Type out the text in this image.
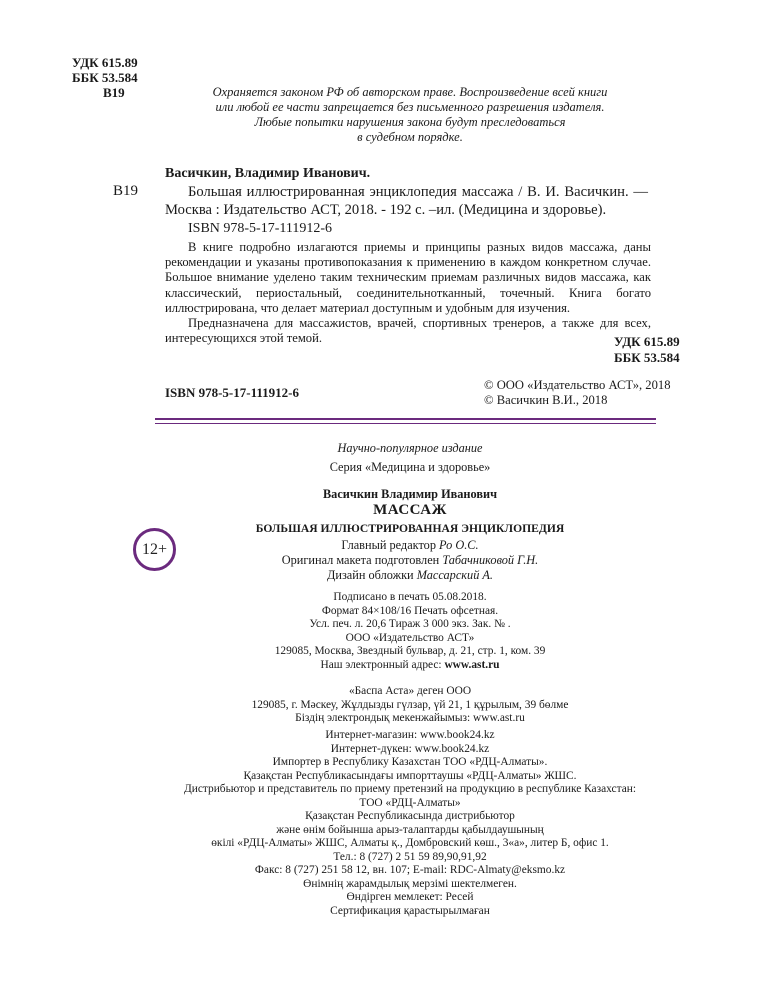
УДК 615.89
ББК 53.584
В19	Охраняется законом РФ об авторском праве. Воспроизведение всей книги
или любой ее части запрещается без письменного разрешения издателя.
Любые попытки нарушения закона будут преследоваться
в судебном порядке.
Васичкин, Владимир Иванович.
В19	Большая иллюстрированная энциклопедия массажа / В. И. Васичкин. —
Москва : Издательство АСТ, 2018. - 192 с. –ил. (Медицина и здоровье).
ISBN 978-5-17-111912-6

В книге подробно излагаются приемы и принципы разных видов массажа, даны рекомендации и указаны противопоказания к применению в каждом конкретном случае. Большое внимание уделено таким техническим приемам различных видов массажа, как классический, периостальный, соединительнотканный, точечный. Книга богато иллюстрирована, что делает материал доступным и удобным для изучения.

Предназначена для массажистов, врачей, спортивных тренеров, а также для всех, интересующихся этой темой.	УДК 615.89
ББК 53.584
ISBN 978-5-17-111912-6	© ООО «Издательство АСТ», 2018
© Васичкин В.И., 2018
Научно-популярное издание
Серия «Медицина и здоровье»
Васичкин Владимир Иванович
МАССАЖ
БОЛЬШАЯ ИЛЛЮСТРИРОВАННАЯ ЭНЦИКЛОПЕДИЯ
Главный редактор Ро О.С.
Оригинал макета подготовлен Табачниковой Г.Н.
Дизайн обложки Массарский А.
12+
Подписано в печать 05.08.2018.
Формат 84×108/16 Печать офсетная.
Усл. печ. л. 20,6 Тираж 3 000 экз. Зак. № .
ООО «Издательство АСТ»
129085, Москва, Звездный бульвар, д. 21, стр. 1, ком. 39
Наш электронный адрес: www.ast.ru
«Баспа Аста» деген ООО
129085, г. Мәскеу, Жұлдызды гүлзар, үй 21, 1 құрылым, 39 бөлме
Біздің электрондық мекенжайымыз: www.ast.ru
Интернет-магазин: www.book24.kz
Интернет-дүкен: www.book24.kz
Импортер в Республику Казахстан ТОО «РДЦ-Алматы».
Қазақстан Республикасындағы импорттаушы «РДЦ-Алматы» ЖШС.
Дистрибьютор и представитель по приему претензий на продукцию в республике Казахстан:
ТОО «РДЦ-Алматы»
Қазақстан Республикасында дистрибьютор
және өнім бойынша арыз-талаптарды қабылдаушының
өкілі «РДЦ-Алматы» ЖШС, Алматы қ., Домбровский көш., 3«а», литер Б, офис 1.
Тел.: 8 (727) 2 51 59 89,90,91,92
Факс: 8 (727) 251 58 12, вн. 107; E-mail: RDC-Almaty@eksmo.kz
Өнімнің жарамдылық мерзімі шектелмеген.
Өндірген мемлекет: Ресей
Сертификация қарастырылмаған
